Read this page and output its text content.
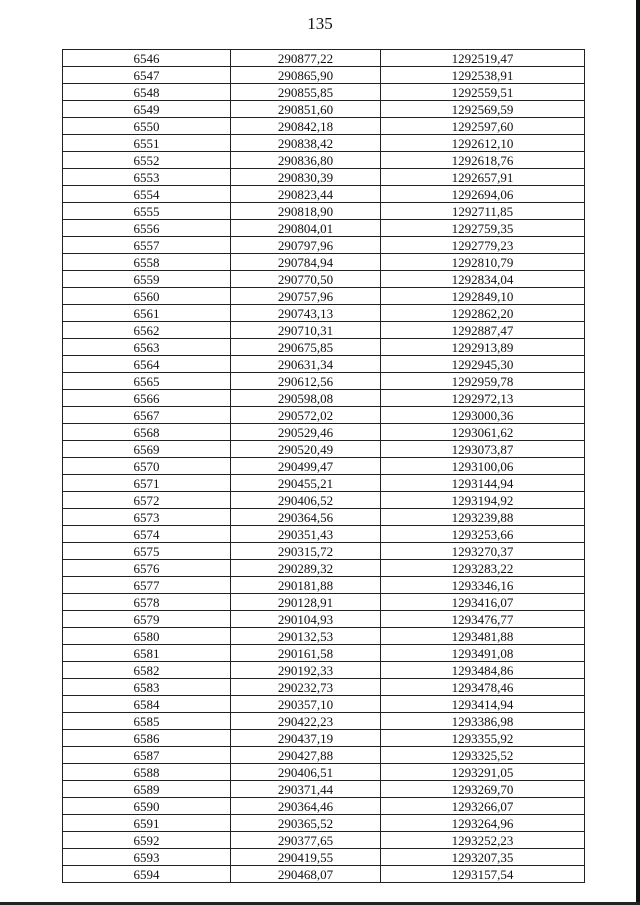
135
6546	290877,22	1292519,47
6547	290865,90	1292538,91
6548	290855,85	1292559,51
6549	290851,60	1292569,59
6550	290842,18	1292597,60
6551	290838,42	1292612,10
6552	290836,80	1292618,76
6553	290830,39	1292657,91
6554	290823,44	1292694,06
6555	290818,90	1292711,85
6556	290804,01	1292759,35
6557	290797,96	1292779,23
6558	290784,94	1292810,79
6559	290770,50	1292834,04
6560	290757,96	1292849,10
6561	290743,13	1292862,20
6562	290710,31	1292887,47
6563	290675,85	1292913,89
6564	290631,34	1292945,30
6565	290612,56	1292959,78
6566	290598,08	1292972,13
6567	290572,02	1293000,36
6568	290529,46	1293061,62
6569	290520,49	1293073,87
6570	290499,47	1293100,06
6571	290455,21	1293144,94
6572	290406,52	1293194,92
6573	290364,56	1293239,88
6574	290351,43	1293253,66
6575	290315,72	1293270,37
6576	290289,32	1293283,22
6577	290181,88	1293346,16
6578	290128,91	1293416,07
6579	290104,93	1293476,77
6580	290132,53	1293481,88
6581	290161,58	1293491,08
6582	290192,33	1293484,86
6583	290232,73	1293478,46
6584	290357,10	1293414,94
6585	290422,23	1293386,98
6586	290437,19	1293355,92
6587	290427,88	1293325,52
6588	290406,51	1293291,05
6589	290371,44	1293269,70
6590	290364,46	1293266,07
6591	290365,52	1293264,96
6592	290377,65	1293252,23
6593	290419,55	1293207,35
6594	290468,07	1293157,54
